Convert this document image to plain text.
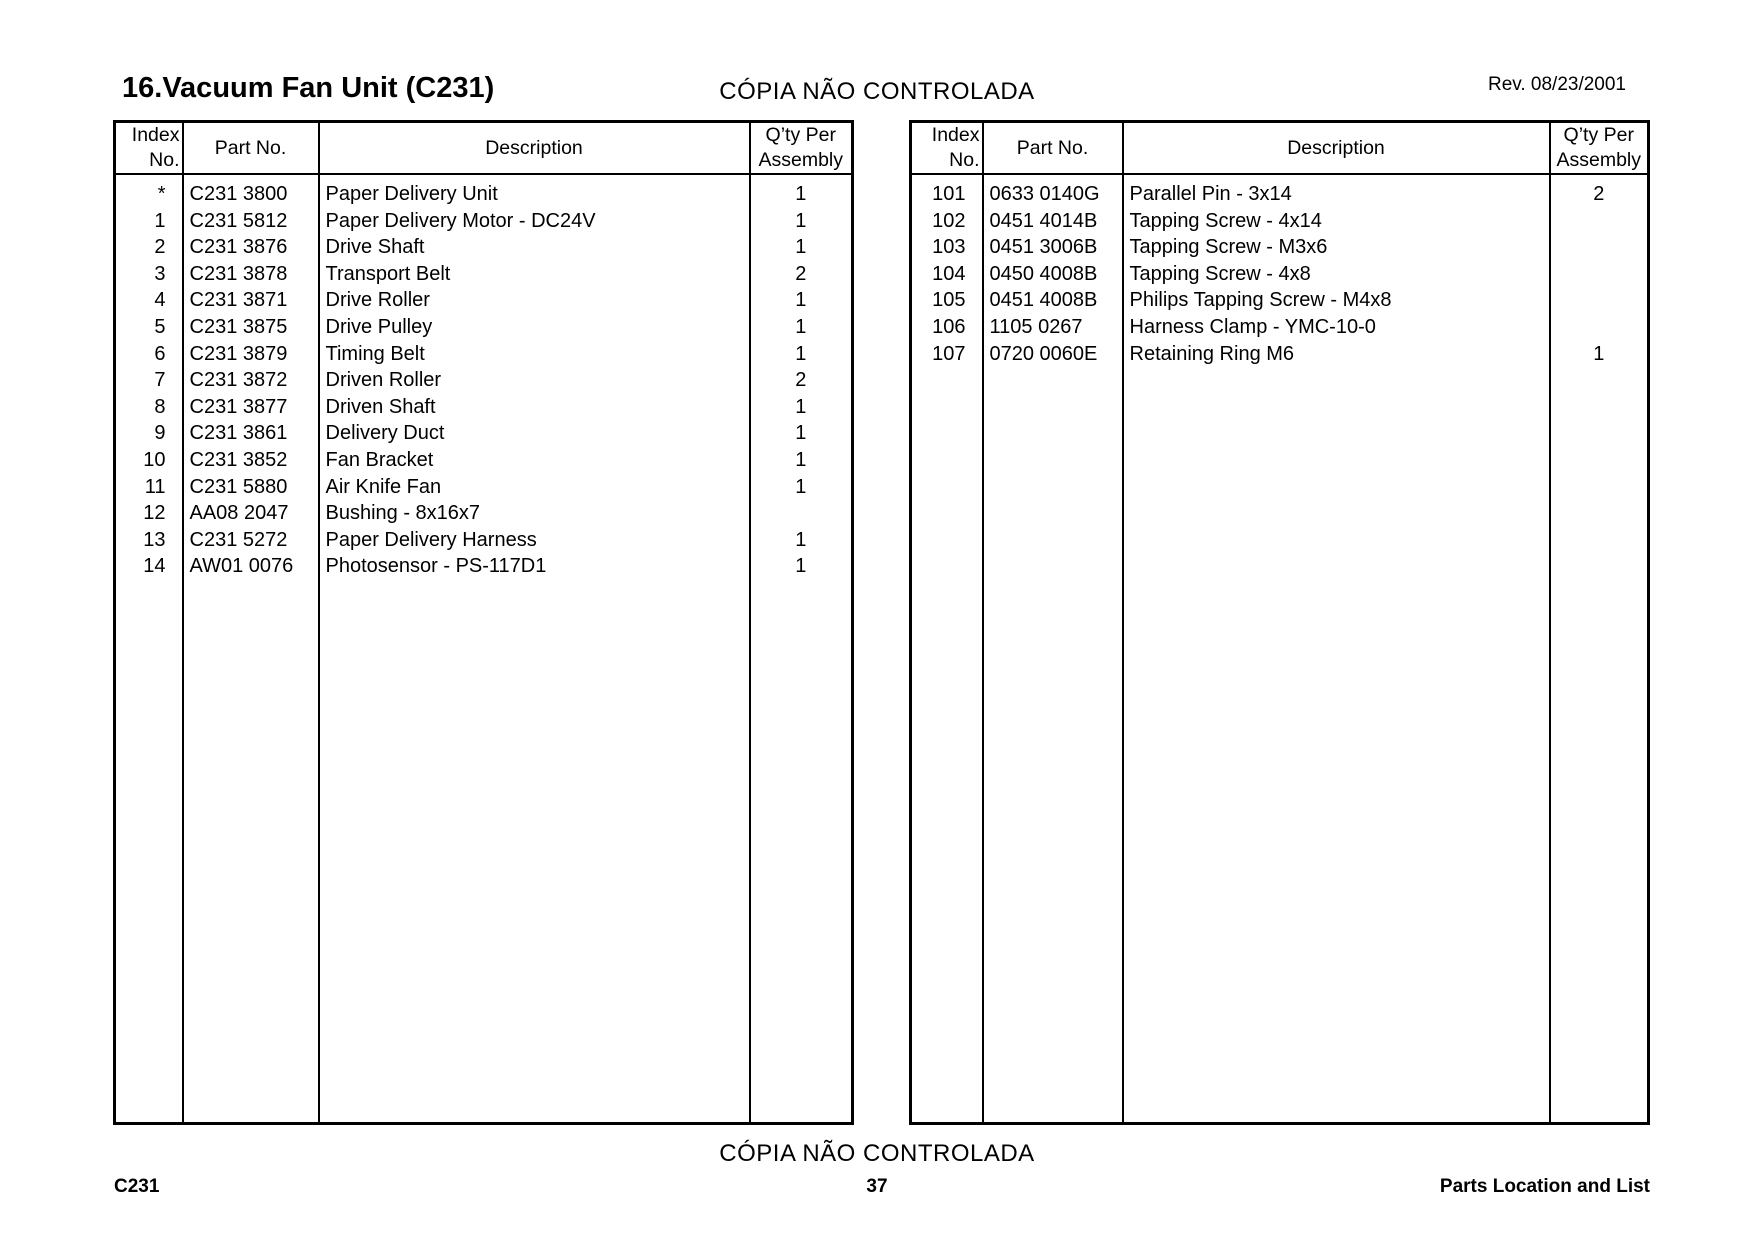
16.Vacuum Fan Unit (C231)	CÓPIA NÃO CONTROLADA	Rev. 08/23/2001
Index
No.	Part No.	Description	Q’ty Per
Assembly
*	C231 3800	Paper Delivery Unit	1
1	C231 5812	Paper Delivery Motor - DC24V	1
2	C231 3876	Drive Shaft	1
3	C231 3878	Transport Belt	2
4	C231 3871	Drive Roller	1
5	C231 3875	Drive Pulley	1
6	C231 3879	Timing Belt	1
7	C231 3872	Driven Roller	2
8	C231 3877	Driven Shaft	1
9	C231 3861	Delivery Duct	1
10	C231 3852	Fan Bracket	1
11	C231 5880	Air Knife Fan	1
12	AA08 2047	Bushing - 8x16x7	
13	C231 5272	Paper Delivery Harness	1
14	AW01 0076	Photosensor - PS-117D1	1

Index
No.	Part No.	Description	Q’ty Per
Assembly
101	0633 0140G	Parallel Pin - 3x14	2
102	0451 4014B	Tapping Screw - 4x14	
103	0451 3006B	Tapping Screw - M3x6	
104	0450 4008B	Tapping Screw - 4x8	
105	0451 4008B	Philips Tapping Screw - M4x8	
106	1105 0267	Harness Clamp - YMC-10-0	
107	0720 0060E	Retaining Ring M6	1

CÓPIA NÃO CONTROLADA
C231	37	Parts Location and List
